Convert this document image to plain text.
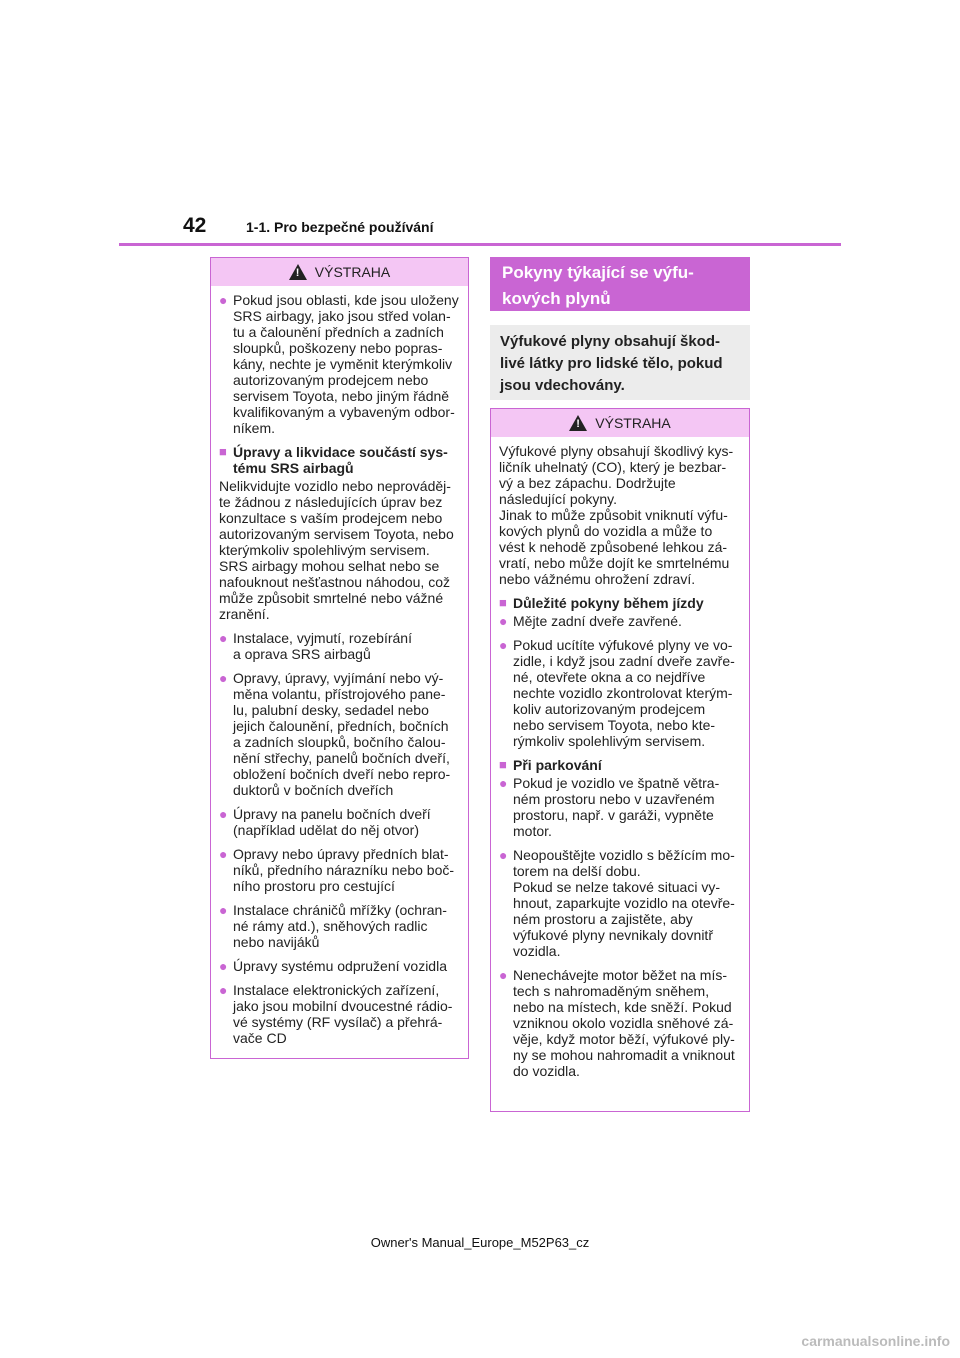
42	1-1. Pro bezpečné používání
!
VÝSTRAHA
● Pokud jsou oblasti, kde jsou uloženy
SRS airbagy, jako jsou střed volan-
tu a čalounění předních a zadních
sloupků, poškozeny nebo popras-
kány, nechte je vyměnit kterýmkoliv
autorizovaným prodejcem nebo
servisem Toyota, nebo jiným řádně
kvalifikovaným a vybaveným odbor-
níkem.
■ Úpravy a likvidace součástí sys-
tému SRS airbagů
Nelikvidujte vozidlo nebo neprováděj-
te žádnou z následujících úprav bez
konzultace s vaším prodejcem nebo
autorizovaným servisem Toyota, nebo
kterýmkoliv spolehlivým servisem.
SRS airbagy mohou selhat nebo se
nafouknout nešťastnou náhodou, což
může způsobit smrtelné nebo vážné
zranění.
● Instalace, vyjmutí, rozebírání
a oprava SRS airbagů
● Opravy, úpravy, vyjímání nebo vý-
měna volantu, přístrojového pane-
lu, palubní desky, sedadel nebo
jejich čalounění, předních, bočních
a zadních sloupků, bočního čalou-
nění střechy, panelů bočních dveří,
obložení bočních dveří nebo repro-
duktorů v bočních dveřích
● Úpravy na panelu bočních dveří
(například udělat do něj otvor)
● Opravy nebo úpravy předních blat-
níků, předního nárazníku nebo boč-
ního prostoru pro cestující
● Instalace chráničů mřížky (ochran-
né rámy atd.), sněhových radlic
nebo navijáků
● Úpravy systému odpružení vozidla
● Instalace elektronických zařízení,
jako jsou mobilní dvoucestné rádio-
vé systémy (RF vysílač) a přehrá-
vače CD
Pokyny týkající se výfu-
kových plynů
Výfukové plyny obsahují škod-
livé látky pro lidské tělo, pokud
jsou vdechovány.
!
VÝSTRAHA
Výfukové plyny obsahují škodlivý kys-
ličník uhelnatý (CO), který je bezbar-
vý a bez zápachu. Dodržujte
následující pokyny.
Jinak to může způsobit vniknutí výfu-
kových plynů do vozidla a může to
vést k nehodě způsobené lehkou zá-
vratí, nebo může dojít ke smrtelnému
nebo vážnému ohrožení zdraví.
■ Důležité pokyny během jízdy
● Mějte zadní dveře zavřené.
● Pokud ucítíte výfukové plyny ve vo-
zidle, i když jsou zadní dveře zavře-
né, otevřete okna a co nejdříve
nechte vozidlo zkontrolovat kterým-
koliv autorizovaným prodejcem
nebo servisem Toyota, nebo kte-
rýmkoliv spolehlivým servisem.
■ Při parkování
● Pokud je vozidlo ve špatně větra-
ném prostoru nebo v uzavřeném
prostoru, např. v garáži, vypněte
motor.
● Neopouštějte vozidlo s běžícím mo-
torem na delší dobu.
Pokud se nelze takové situaci vy-
hnout, zaparkujte vozidlo na otevře-
ném prostoru a zajistěte, aby
výfukové plyny nevnikaly dovnitř
vozidla.
● Nenechávejte motor běžet na mís-
tech s nahromaděným sněhem,
nebo na místech, kde sněží. Pokud
vzniknou okolo vozidla sněhové zá-
věje, když motor běží, výfukové ply-
ny se mohou nahromadit a vniknout
do vozidla.
Owner's Manual_Europe_M52P63_cz
carmanualsonline.info
